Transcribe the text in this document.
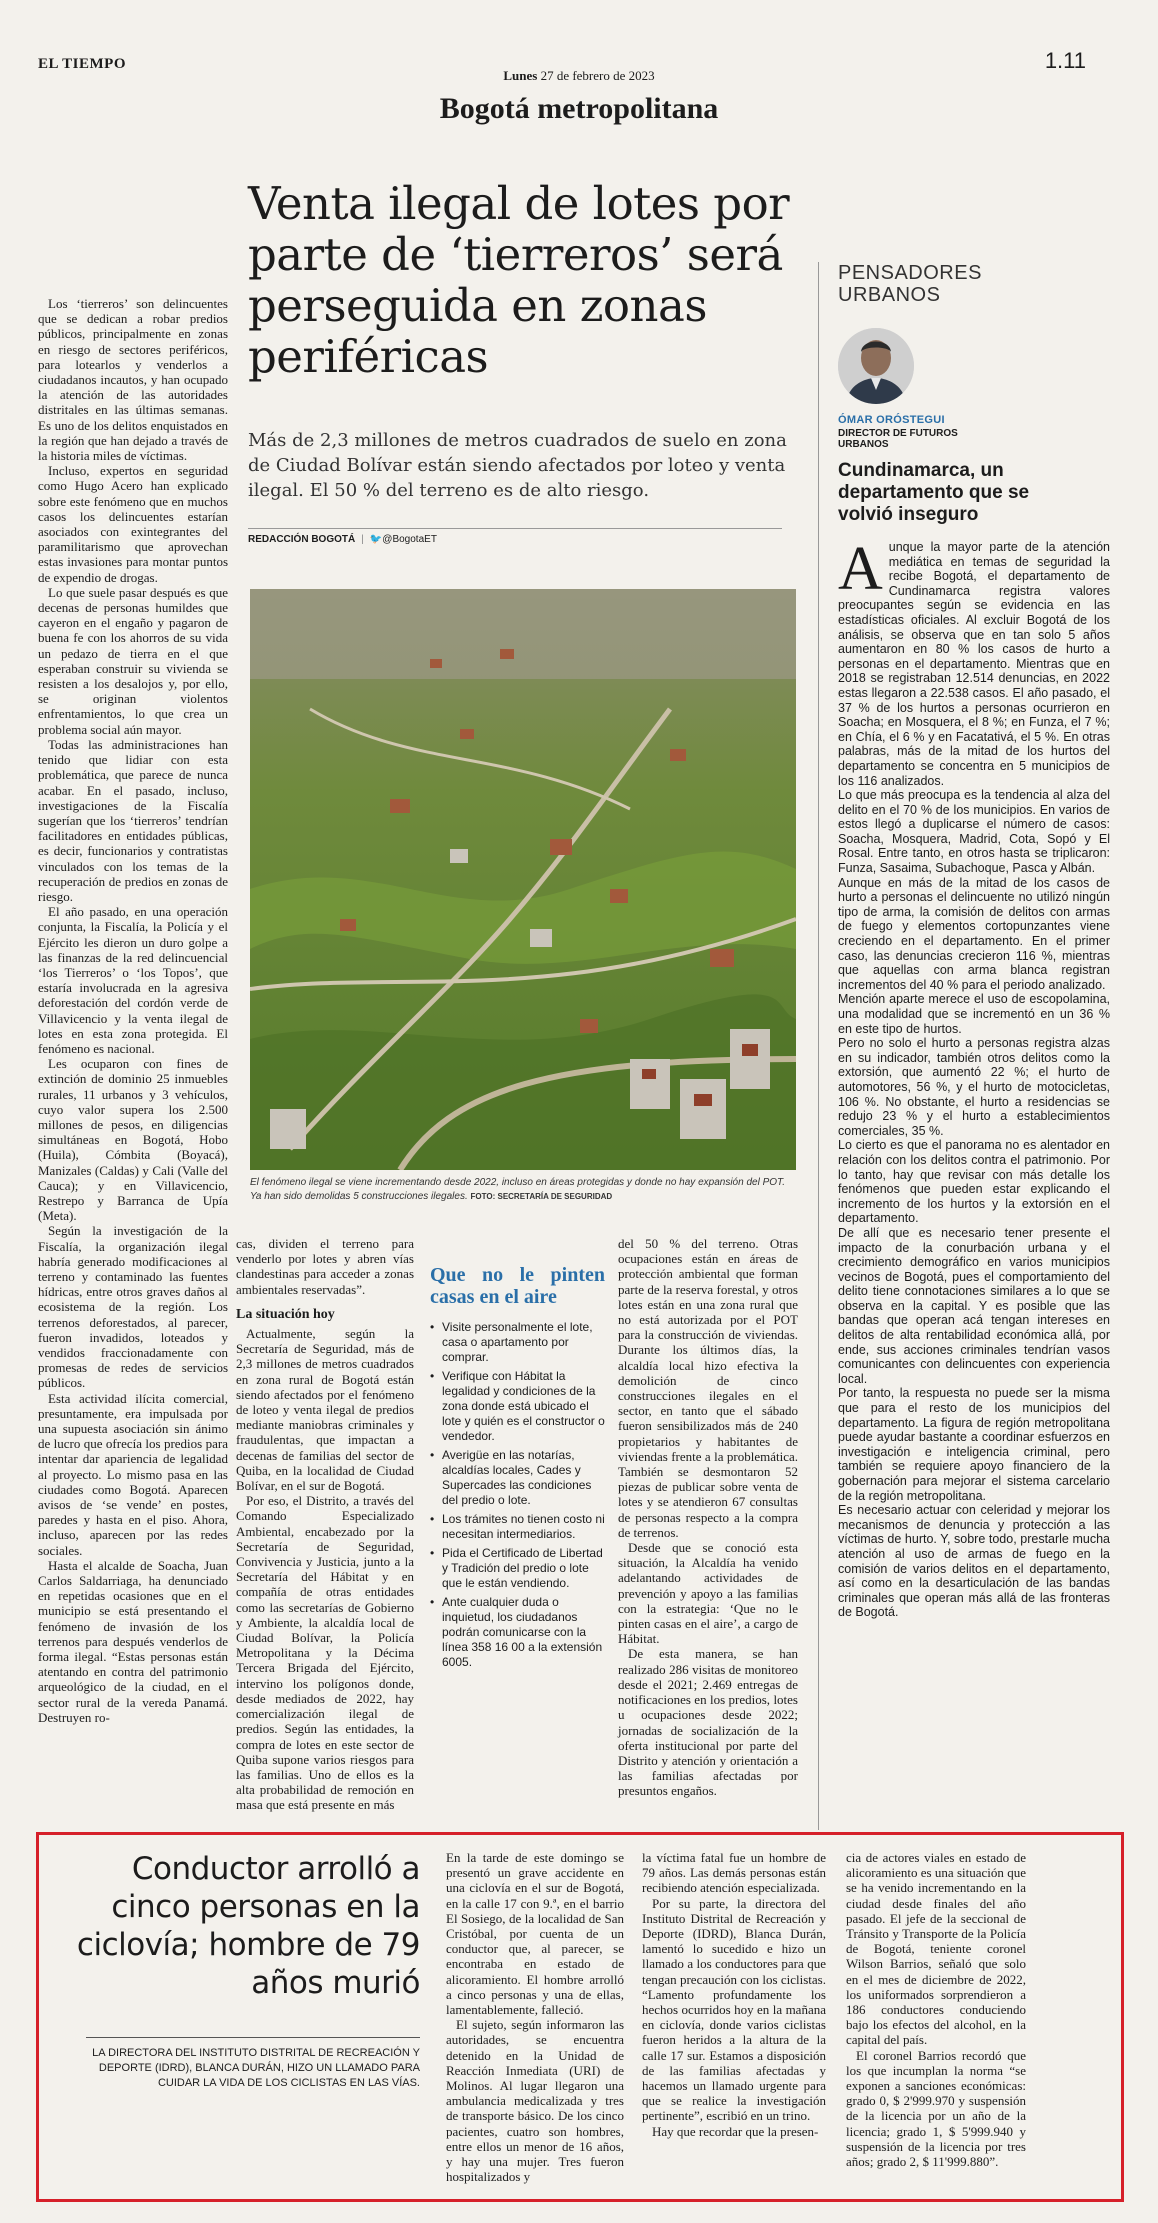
EL TIEMPO
Lunes 27 de febrero de 2023
1.11
Bogotá metropolitana
Venta ilegal de lotes por parte de ‘tierreros’ será perseguida en zonas periféricas
Más de 2,3 millones de metros cuadrados de suelo en zona de Ciudad Bolívar están siendo afectados por loteo y venta ilegal. El 50 % del terreno es de alto riesgo.
REDACCIÓN BOGOTÁ | 🐦@BogotaET
El fenómeno ilegal se viene incrementando desde 2022, incluso en áreas protegidas y donde no hay expansión del POT. Ya han sido demolidas 5 construcciones ilegales. FOTO: SECRETARÍA DE SEGURIDAD

Los ‘tierreros’ son delincuentes que se dedican a robar predios públicos, principalmente en zonas en riesgo de sectores periféricos, para lotearlos y venderlos a ciudadanos incautos, y han ocupado la atención de las autoridades distritales en las últimas semanas. Es uno de los delitos enquistados en la región que han dejado a través de la historia miles de víctimas.

Incluso, expertos en seguridad como Hugo Acero han explicado sobre este fenómeno que en muchos casos los delincuentes estarían asociados con exintegrantes del paramilitarismo que aprovechan estas invasiones para montar puntos de expendio de drogas.

Lo que suele pasar después es que decenas de personas humildes que cayeron en el engaño y pagaron de buena fe con los ahorros de su vida un pedazo de tierra en el que esperaban construir su vivienda se resisten a los desalojos y, por ello, se originan violentos enfrentamientos, lo que crea un problema social aún mayor.

Todas las administraciones han tenido que lidiar con esta problemática, que parece de nunca acabar. En el pasado, incluso, investigaciones de la Fiscalía sugerían que los ‘tierreros’ tendrían facilitadores en entidades públicas, es decir, funcionarios y contratistas vinculados con los temas de la recuperación de predios en zonas de riesgo.

El año pasado, en una operación conjunta, la Fiscalía, la Policía y el Ejército les dieron un duro golpe a las finanzas de la red delincuencial ‘los Tierreros’ o ‘los Topos’, que estaría involucrada en la agresiva deforestación del cordón verde de Villavicencio y la venta ilegal de lotes en esta zona protegida. El fenómeno es nacional.

Les ocuparon con fines de extinción de dominio 25 inmuebles rurales, 11 urbanos y 3 vehículos, cuyo valor supera los 2.500 millones de pesos, en diligencias simultáneas en Bogotá, Hobo (Huila), Cómbita (Boyacá), Manizales (Caldas) y Cali (Valle del Cauca); y en Villavicencio, Restrepo y Barranca de Upía (Meta).

Según la investigación de la Fiscalía, la organización ilegal habría generado modificaciones al terreno y contaminado las fuentes hídricas, entre otros graves daños al ecosistema de la región. Los terrenos deforestados, al parecer, fueron invadidos, loteados y vendidos fraccionadamente con promesas de redes de servicios públicos.

Esta actividad ilícita comercial, presuntamente, era impulsada por una supuesta asociación sin ánimo de lucro que ofrecía los predios para intentar dar apariencia de legalidad al proyecto. Lo mismo pasa en las ciudades como Bogotá. Aparecen avisos de ‘se vende’ en postes, paredes y hasta en el piso. Ahora, incluso, aparecen por las redes sociales.

Hasta el alcalde de Soacha, Juan Carlos Saldarriaga, ha denunciado en repetidas ocasiones que en el municipio se está presentando el fenómeno de invasión de los terrenos para después venderlos de forma ilegal. “Estas personas están atentando en contra del patrimonio arqueológico de la ciudad, en el sector rural de la vereda Panamá. Destruyen ro-

cas, dividen el terreno para venderlo por lotes y abren vías clandestinas para acceder a zonas ambientales reservadas”.

La situación hoy

Actualmente, según la Secretaría de Seguridad, más de 2,3 millones de metros cuadrados en zona rural de Bogotá están siendo afectados por el fenómeno de loteo y venta ilegal de predios mediante maniobras criminales y fraudulentas, que impactan a decenas de familias del sector de Quiba, en la localidad de Ciudad Bolívar, en el sur de Bogotá.

Por eso, el Distrito, a través del Comando Especializado Ambiental, encabezado por la Secretaría de Seguridad, Convivencia y Justicia, junto a la Secretaría del Hábitat y en compañía de otras entidades como las secretarías de Gobierno y Ambiente, la alcaldía local de Ciudad Bolívar, la Policía Metropolitana y la Décima Tercera Brigada del Ejército, intervino los polígonos donde, desde mediados de 2022, hay comercialización ilegal de predios. Según las entidades, la compra de lotes en este sector de Quiba supone varios riesgos para las familias. Uno de ellos es la alta probabilidad de remoción en masa que está presente en más

Que no le pinten casas en el aire
• Visite personalmente el lote, casa o apartamento por comprar.
• Verifique con Hábitat la legalidad y condiciones de la zona donde está ubicado el lote y quién es el constructor o vendedor.
• Averigüe en las notarías, alcaldías locales, Cades y Supercades las condiciones del predio o lote.
• Los trámites no tienen costo ni necesitan intermediarios.
• Pida el Certificado de Libertad y Tradición del predio o lote que le están vendiendo.
• Ante cualquier duda o inquietud, los ciudadanos podrán comunicarse con la línea 358 16 00 a la extensión 6005.

del 50 % del terreno. Otras ocupaciones están en áreas de protección ambiental que forman parte de la reserva forestal, y otros lotes están en una zona rural que no está autorizada por el POT para la construcción de viviendas. Durante los últimos días, la alcaldía local hizo efectiva la demolición de cinco construcciones ilegales en el sector, en tanto que el sábado fueron sensibilizados más de 240 propietarios y habitantes de viviendas frente a la problemática. También se desmontaron 52 piezas de publicar sobre venta de lotes y se atendieron 67 consultas de personas respecto a la compra de terrenos.

Desde que se conoció esta situación, la Alcaldía ha venido adelantando actividades de prevención y apoyo a las familias con la estrategia: ‘Que no le pinten casas en el aire’, a cargo de Hábitat.

De esta manera, se han realizado 286 visitas de monitoreo desde el 2021; 2.469 entregas de notificaciones en los predios, lotes u ocupaciones desde 2022; jornadas de socialización de la oferta institucional por parte del Distrito y atención y orientación a las familias afectadas por presuntos engaños.

PENSADORES URBANOS
ÓMAR ORÓSTEGUI
DIRECTOR DE FUTUROS URBANOS
Cundinamarca, un departamento que se volvió inseguro

Aunque la mayor parte de la atención mediática en temas de seguridad la recibe Bogotá, el departamento de Cundinamarca registra valores preocupantes según se evidencia en las estadísticas oficiales. Al excluir Bogotá de los análisis, se observa que en tan solo 5 años aumentaron en 80 % los casos de hurto a personas en el departamento. Mientras que en 2018 se registraban 12.514 denuncias, en 2022 estas llegaron a 22.538 casos. El año pasado, el 37 % de los hurtos a personas ocurrieron en Soacha; en Mosquera, el 8 %; en Funza, el 7 %; en Chía, el 6 % y en Facatativá, el 5 %. En otras palabras, más de la mitad de los hurtos del departamento se concentra en 5 municipios de los 116 analizados.

Lo que más preocupa es la tendencia al alza del delito en el 70 % de los municipios. En varios de estos llegó a duplicarse el número de casos: Soacha, Mosquera, Madrid, Cota, Sopó y El Rosal. Entre tanto, en otros hasta se triplicaron: Funza, Sasaima, Subachoque, Pasca y Albán.

Aunque en más de la mitad de los casos de hurto a personas el delincuente no utilizó ningún tipo de arma, la comisión de delitos con armas de fuego y elementos cortopunzantes viene creciendo en el departamento. En el primer caso, las denuncias crecieron 116 %, mientras que aquellas con arma blanca registran incrementos del 40 % para el periodo analizado.

Mención aparte merece el uso de escopolamina, una modalidad que se incrementó en un 36 % en este tipo de hurtos.

Pero no solo el hurto a personas registra alzas en su indicador, también otros delitos como la extorsión, que aumentó 22 %; el hurto de automotores, 56 %, y el hurto de motocicletas, 106 %. No obstante, el hurto a residencias se redujo 23 % y el hurto a establecimientos comerciales, 35 %.

Lo cierto es que el panorama no es alentador en relación con los delitos contra el patrimonio. Por lo tanto, hay que revisar con más detalle los fenómenos que pueden estar explicando el incremento de los hurtos y la extorsión en el departamento.

De allí que es necesario tener presente el impacto de la conurbación urbana y el crecimiento demográfico en varios municipios vecinos de Bogotá, pues el comportamiento del delito tiene connotaciones similares a lo que se observa en la capital. Y es posible que las bandas que operan acá tengan intereses en delitos de alta rentabilidad económica allá, por ende, sus acciones criminales tendrían vasos comunicantes con delincuentes con experiencia local.

Por tanto, la respuesta no puede ser la misma que para el resto de los municipios del departamento. La figura de región metropolitana puede ayudar bastante a coordinar esfuerzos en investigación e inteligencia criminal, pero también se requiere apoyo financiero de la gobernación para mejorar el sistema carcelario de la región metropolitana.

Es necesario actuar con celeridad y mejorar los mecanismos de denuncia y protección a las víctimas de hurto. Y, sobre todo, prestarle mucha atención al uso de armas de fuego en la comisión de varios delitos en el departamento, así como en la desarticulación de las bandas criminales que operan más allá de las fronteras de Bogotá.

Conductor arrolló a cinco personas en la ciclovía; hombre de 79 años murió
LA DIRECTORA DEL INSTITUTO DISTRITAL DE RECREACIÓN Y DEPORTE (IDRD), BLANCA DURÁN, HIZO UN LLAMADO PARA CUIDAR LA VIDA DE LOS CICLISTAS EN LAS VÍAS.

En la tarde de este domingo se presentó un grave accidente en una ciclovía en el sur de Bogotá, en la calle 17 con 9.ª, en el barrio El Sosiego, de la localidad de San Cristóbal, por cuenta de un conductor que, al parecer, se encontraba en estado de alicoramiento. El hombre arrolló a cinco personas y una de ellas, lamentablemente, falleció.

El sujeto, según informaron las autoridades, se encuentra detenido en la Unidad de Reacción Inmediata (URI) de Molinos. Al lugar llegaron una ambulancia medicalizada y tres de transporte básico. De los cinco pacientes, cuatro son hombres, entre ellos un menor de 16 años, y hay una mujer. Tres fueron hospitalizados y

la víctima fatal fue un hombre de 79 años. Las demás personas están recibiendo atención especializada.

Por su parte, la directora del Instituto Distrital de Recreación y Deporte (IDRD), Blanca Durán, lamentó lo sucedido e hizo un llamado a los conductores para que tengan precaución con los ciclistas. “Lamento profundamente los hechos ocurridos hoy en la mañana en ciclovía, donde varios ciclistas fueron heridos a la altura de la calle 17 sur. Estamos a disposición de las familias afectadas y hacemos un llamado urgente para que se realice la investigación pertinente”, escribió en un trino.

Hay que recordar que la presen-

cia de actores viales en estado de alicoramiento es una situación que se ha venido incrementando en la ciudad desde finales del año pasado. El jefe de la seccional de Tránsito y Transporte de la Policía de Bogotá, teniente coronel Wilson Barrios, señaló que solo en el mes de diciembre de 2022, los uniformados sorprendieron a 186 conductores conduciendo bajo los efectos del alcohol, en la capital del país.

El coronel Barrios recordó que los que incumplan la norma “se exponen a sanciones económicas: grado 0, $ 2'999.970 y suspensión de la licencia por un año de la licencia; grado 1, $ 5'999.940 y suspensión de la licencia por tres años; grado 2, $ 11'999.880”.
